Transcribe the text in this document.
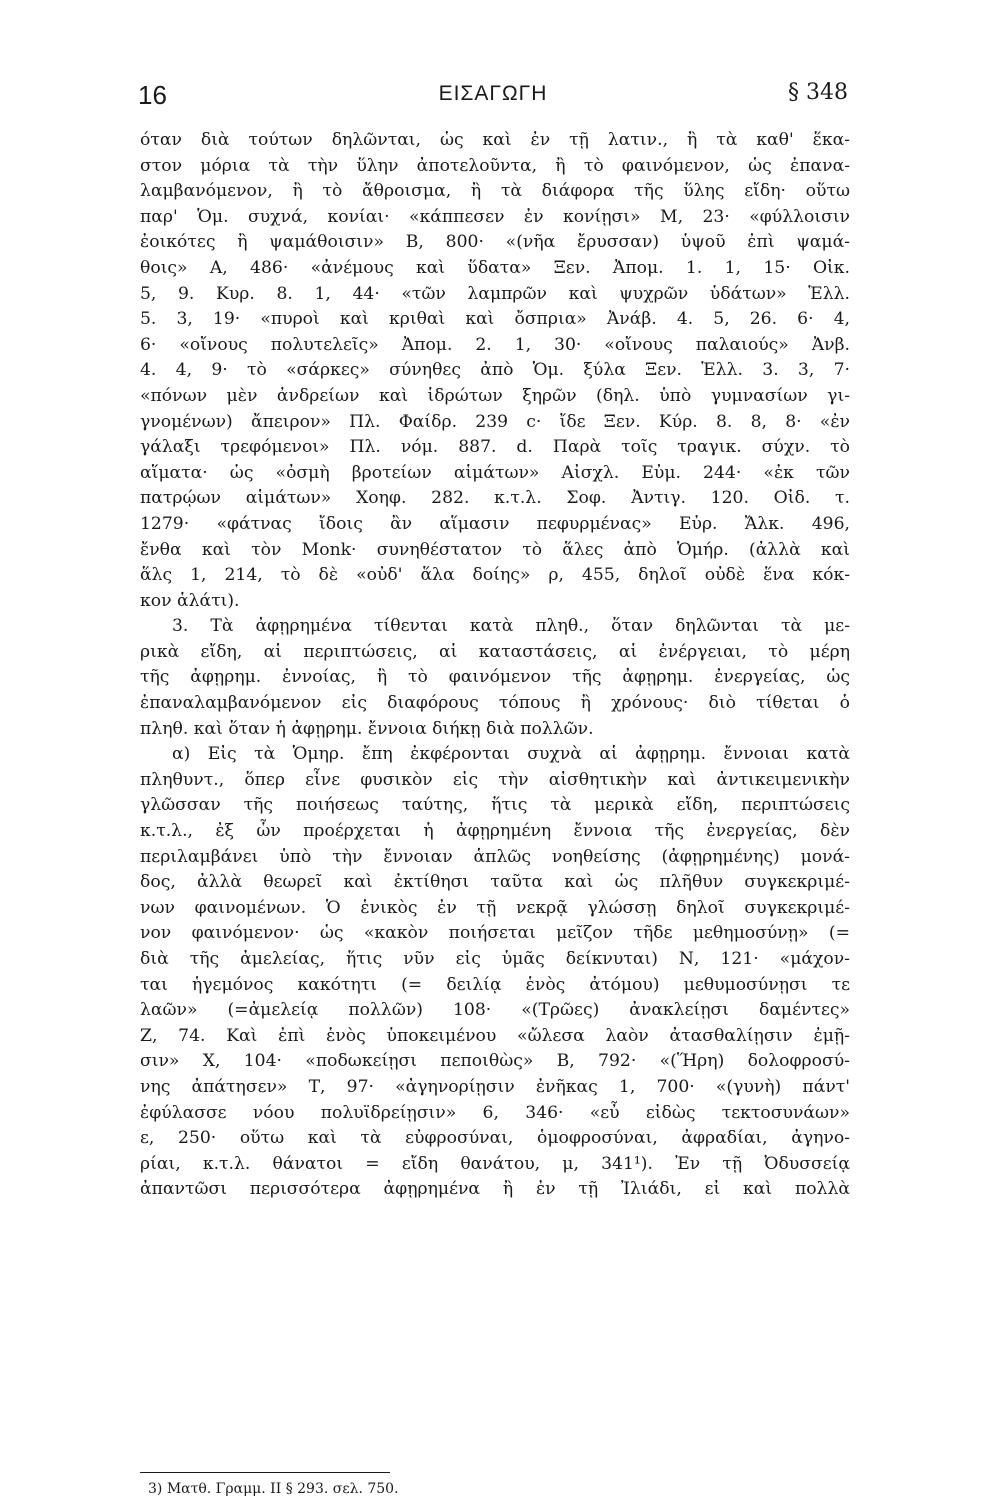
16	ΕΙΣΑΓΩΓΗ	§ 348
όταν διὰ τούτων δηλῶνται, ὡς καὶ ἐν τῇ λατιν., ἢ τὰ καθ' ἕκα-
στον μόρια τὰ τὴν ὕλην ἀποτελοῦντα, ἢ τὸ φαινόμενον, ὡς ἐπανα-
λαμβανόμενον, ἢ τὸ ἄθροισμα, ἢ τὰ διάφορα τῆς ὕλης εἴδη· οὕτω
παρ' Ὁμ. συχνά, κονίαι· «κάππεσεν ἐν κονίῃσι» Μ, 23· «φύλλοισιν
ἐοικότες ἢ ψαμάθοισιν» Β, 800· «(νῆα ἔρυσσαν) ὑψοῦ ἐπὶ ψαμά-
θοις» Α, 486· «ἀνέμους καὶ ὕδατα» Ξεν. Ἀπομ. 1. 1, 15· Οἰκ.
5, 9. Κυρ. 8. 1, 44· «τῶν λαμπρῶν καὶ ψυχρῶν ὑδάτων» Ἑλλ.
5. 3, 19· «πυροὶ καὶ κριθαὶ καὶ ὄσπρια» Ἀνάβ. 4. 5, 26. 6· 4,
6· «οἴνους πολυτελεῖς» Ἀπομ. 2. 1, 30· «οἴνους παλαιούς» Ἀνβ.
4. 4, 9· τὸ «σάρκες» σύνηθες ἀπὸ Ὁμ. ξύλα Ξεν. Ἑλλ. 3. 3, 7·
«πόνων μὲν ἀνδρείων καὶ ἱδρώτων ξηρῶν (δηλ. ὑπὸ γυμνασίων γι-
γνομένων) ἄπειρον» Πλ. Φαίδρ. 239 c· ἴδε Ξεν. Κύρ. 8. 8, 8· «ἐν
γάλαξι τρεφόμενοι» Πλ. νόμ. 887. d. Παρὰ τοῖς τραγικ. σύχν. τὸ
αἵματα· ὡς «ὀσμὴ βροτείων αἱμάτων» Αἰσχλ. Εὐμ. 244· «ἐκ τῶν
πατρῴων αἱμάτων» Χοηφ. 282. κ.τ.λ. Σοφ. Ἀντιγ. 120. Οἰδ. τ.
1279· «φάτνας ἴδοις ἂν αἵμασιν πεφυρμένας» Εὐρ. Ἄλκ. 496,
ἔνθα καὶ τὸν Monk· συνηθέστατον τὸ ἅλες ἀπὸ Ὁμήρ. (ἀλλὰ καὶ
ἅλς 1, 214, τὸ δὲ «οὐδ' ἅλα δοίης» ρ, 455, δηλοῖ οὐδὲ ἕνα κόκ-
κον ἁλάτι).
3. Τὰ ἀφῃρημένα τίθενται κατὰ πληθ., ὅταν δηλῶνται τὰ με-
ρικὰ εἴδη, αἱ περιπτώσεις, αἱ καταστάσεις, αἱ ἐνέργειαι, τὸ μέρη
τῆς ἀφῃρημ. ἐννοίας, ἢ τὸ φαινόμενον τῆς ἀφῃρημ. ἐνεργείας, ὡς
ἐπαναλαμβανόμενον εἰς διαφόρους τόπους ἢ χρόνους· διὸ τίθεται ὁ
πληθ. καὶ ὅταν ἡ ἀφῃρημ. ἔννοια διήκῃ διὰ πολλῶν.
α) Εἰς τὰ Ὁμηρ. ἔπη ἐκφέρονται συχνὰ αἱ ἀφῃρημ. ἔννοιαι κατὰ
πληθυντ., ὅπερ εἶνε φυσικὸν εἰς τὴν αἰσθητικὴν καὶ ἀντικειμενικὴν
γλῶσσαν τῆς ποιήσεως ταύτης, ἥτις τὰ μερικὰ εἴδη, περιπτώσεις
κ.τ.λ., ἐξ ὧν προέρχεται ἡ ἀφῃρημένη ἔννοια τῆς ἐνεργείας, δὲν
περιλαμβάνει ὑπὸ τὴν ἔννοιαν ἁπλῶς νοηθείσης (ἀφῃρημένης) μονά-
δος, ἀλλὰ θεωρεῖ καὶ ἐκτίθησι ταῦτα καὶ ὡς πλῆθυν συγκεκριμέ-
νων φαινομένων. Ὁ ἑνικὸς ἐν τῇ νεκρᾷ γλώσσῃ δηλοῖ συγκεκριμέ-
νον φαινόμενον· ὡς «κακὸν ποιήσεται μεῖζον τῆδε μεθημοσύνῃ» (=
διὰ τῆς ἀμελείας, ἥτις νῦν εἰς ὑμᾶς δείκνυται) Ν, 121· «μάχον-
ται ἡγεμόνος κακότητι (= δειλίᾳ ἑνὸς ἀτόμου) μεθυμοσύνῃσι τε
λαῶν» (=ἀμελείᾳ πολλῶν) 108· «(Τρῶες) ἀνακλείῃσι δαμέντες»
Ζ, 74. Καὶ ἐπὶ ἑνὸς ὑποκειμένου «ὤλεσα λαὸν ἀτασθαλίῃσιν ἐμῇ-
σιν» Χ, 104· «ποδωκείῃσι πεποιθὼς» Β, 792· «(Ἥρη) δολοφροσύ-
νης ἀπάτησεν» Τ, 97· «ἀγηνορίῃσιν ἐνῆκας 1, 700· «(γυνὴ) πάντ'
ἐφύλασσε νόου πολυϊδρείῃσιν» 6, 346· «εὖ εἰδὼς τεκτοσυνάων»
ε, 250· οὕτω καὶ τὰ εὐφροσύναι, ὁμοφροσύναι, ἀφραδίαι, ἀγηνο-
ρίαι, κ.τ.λ. θάνατοι = εἴδη θανάτου, μ, 341¹). Ἐν τῇ Ὀδυσσείᾳ
ἀπαντῶσι περισσότερα ἀφῃρημένα ἢ ἐν τῇ Ἰλιάδι, εἰ καὶ πολλὰ
3) Ματθ. Γραμμ. ΙΙ § 293. σελ. 750.
